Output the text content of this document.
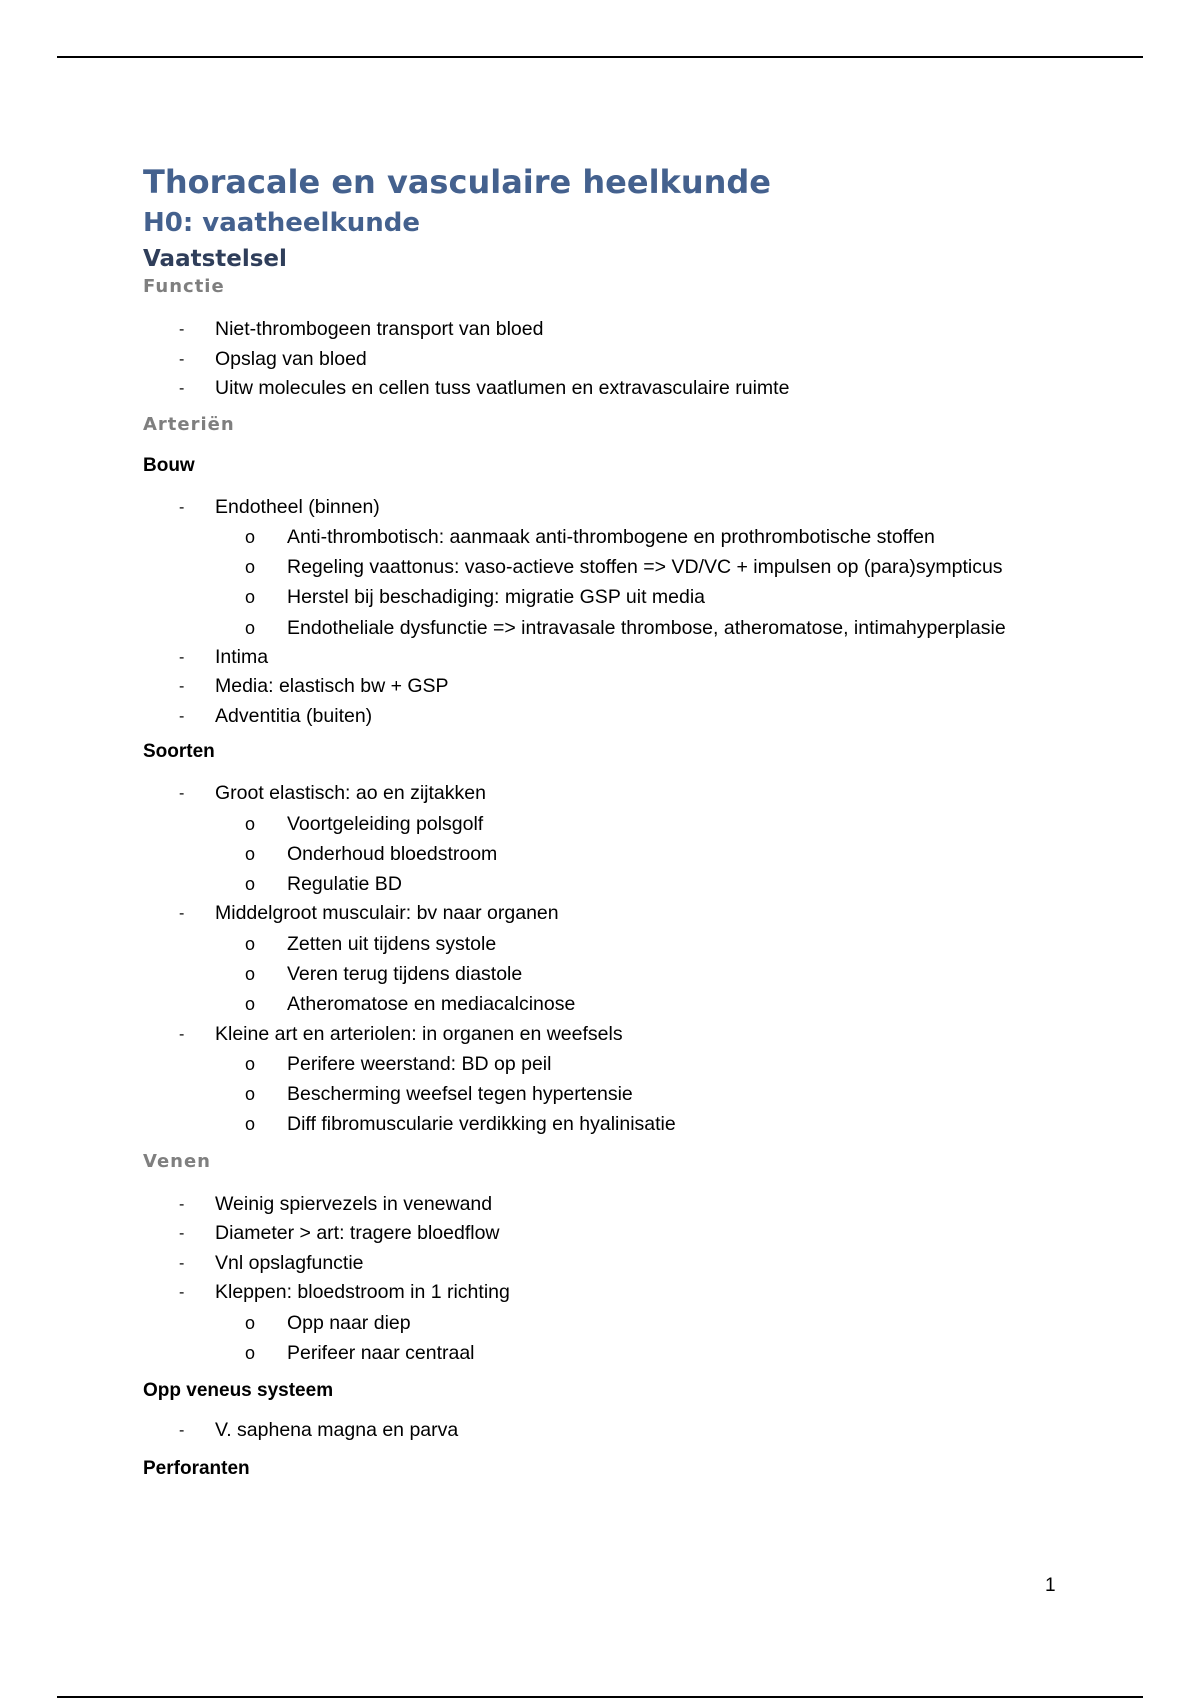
Thoracale en vasculaire heelkunde
H0: vaatheelkunde
Vaatstelsel
Functie
- Niet-thrombogeen transport van bloed
- Opslag van bloed
- Uitw molecules en cellen tuss vaatlumen en extravasculaire ruimte
Arteriën
Bouw
- Endotheel (binnen)
o Anti-thrombotisch: aanmaak anti-thrombogene en prothrombotische stoffen
o Regeling vaattonus: vaso-actieve stoffen => VD/VC + impulsen op (para)sympticus
o Herstel bij beschadiging: migratie GSP uit media
o Endotheliale dysfunctie => intravasale thrombose, atheromatose, intimahyperplasie
- Intima
- Media: elastisch bw + GSP
- Adventitia (buiten)
Soorten
- Groot elastisch: ao en zijtakken
o Voortgeleiding polsgolf
o Onderhoud bloedstroom
o Regulatie BD
- Middelgroot musculair: bv naar organen
o Zetten uit tijdens systole
o Veren terug tijdens diastole
o Atheromatose en mediacalcinose
- Kleine art en arteriolen: in organen en weefsels
o Perifere weerstand: BD op peil
o Bescherming weefsel tegen hypertensie
o Diff fibromuscularie verdikking en hyalinisatie
Venen
- Weinig spiervezels in venewand
- Diameter > art: tragere bloedflow
- Vnl opslagfunctie
- Kleppen: bloedstroom in 1 richting
o Opp naar diep
o Perifeer naar centraal
Opp veneus systeem
- V. saphena magna en parva
Perforanten
1
